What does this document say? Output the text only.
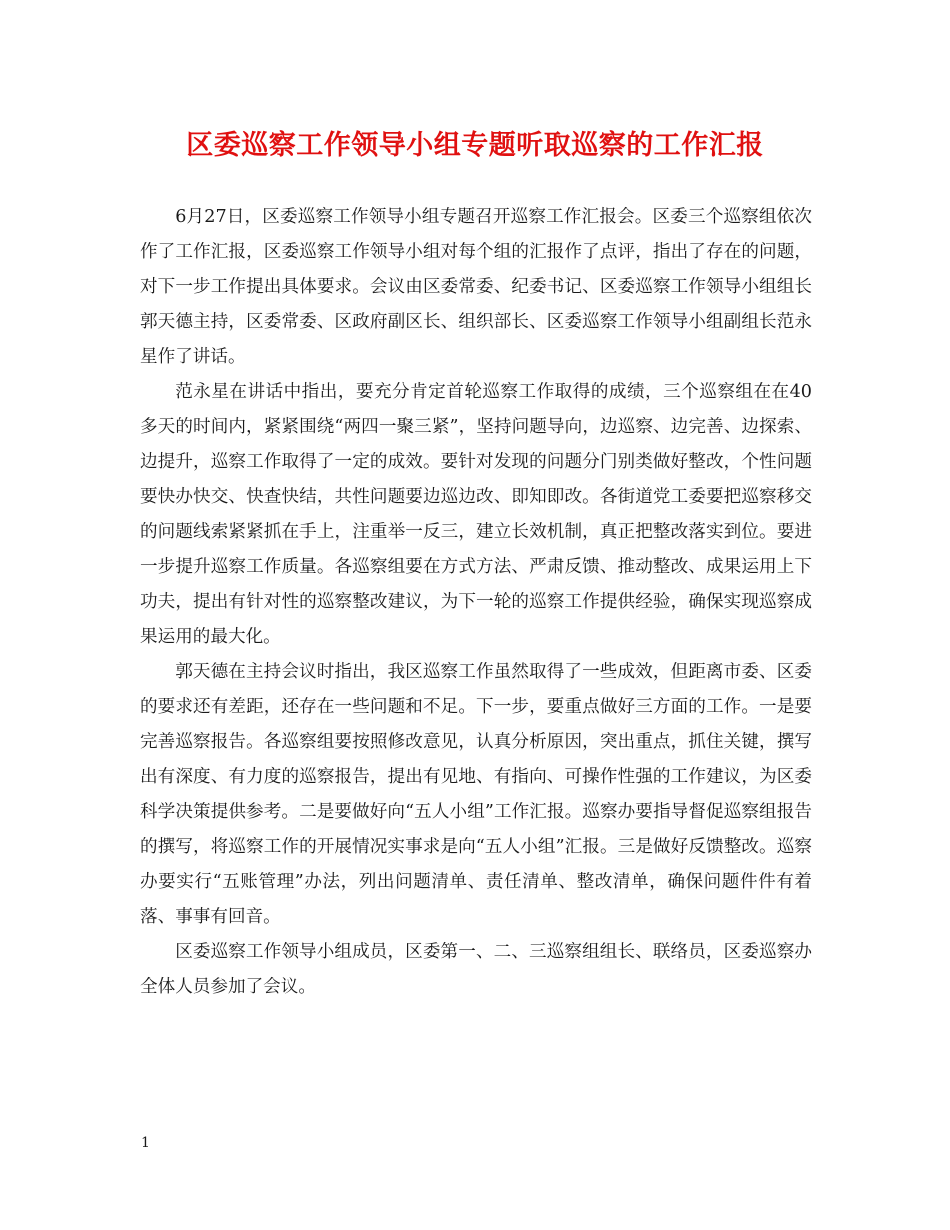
区委巡察工作领导小组专题听取巡察的工作汇报

6月27日，区委巡察工作领导小组专题召开巡察工作汇报会。区委三个巡察组依次作了工作汇报，区委巡察工作领导小组对每个组的汇报作了点评，指出了存在的问题，对下一步工作提出具体要求。会议由区委常委、纪委书记、区委巡察工作领导小组组长郭天德主持，区委常委、区政府副区长、组织部长、区委巡察工作领导小组副组长范永星作了讲话。

范永星在讲话中指出，要充分肯定首轮巡察工作取得的成绩，三个巡察组在在40多天的时间内，紧紧围绕“两四一聚三紧”，坚持问题导向，边巡察、边完善、边探索、边提升，巡察工作取得了一定的成效。要针对发现的问题分门别类做好整改，个性问题要快办快交、快查快结，共性问题要边巡边改、即知即改。各街道党工委要把巡察移交的问题线索紧紧抓在手上，注重举一反三，建立长效机制，真正把整改落实到位。要进一步提升巡察工作质量。各巡察组要在方式方法、严肃反馈、推动整改、成果运用上下功夫，提出有针对性的巡察整改建议，为下一轮的巡察工作提供经验，确保实现巡察成果运用的最大化。

郭天德在主持会议时指出，我区巡察工作虽然取得了一些成效，但距离市委、区委的要求还有差距，还存在一些问题和不足。下一步，要重点做好三方面的工作。一是要完善巡察报告。各巡察组要按照修改意见，认真分析原因，突出重点，抓住关键，撰写出有深度、有力度的巡察报告，提出有见地、有指向、可操作性强的工作建议，为区委科学决策提供参考。二是要做好向“五人小组”工作汇报。巡察办要指导督促巡察组报告的撰写，将巡察工作的开展情况实事求是向“五人小组”汇报。三是做好反馈整改。巡察办要实行“五账管理”办法，列出问题清单、责任清单、整改清单，确保问题件件有着落、事事有回音。

区委巡察工作领导小组成员，区委第一、二、三巡察组组长、联络员，区委巡察办全体人员参加了会议。

1
